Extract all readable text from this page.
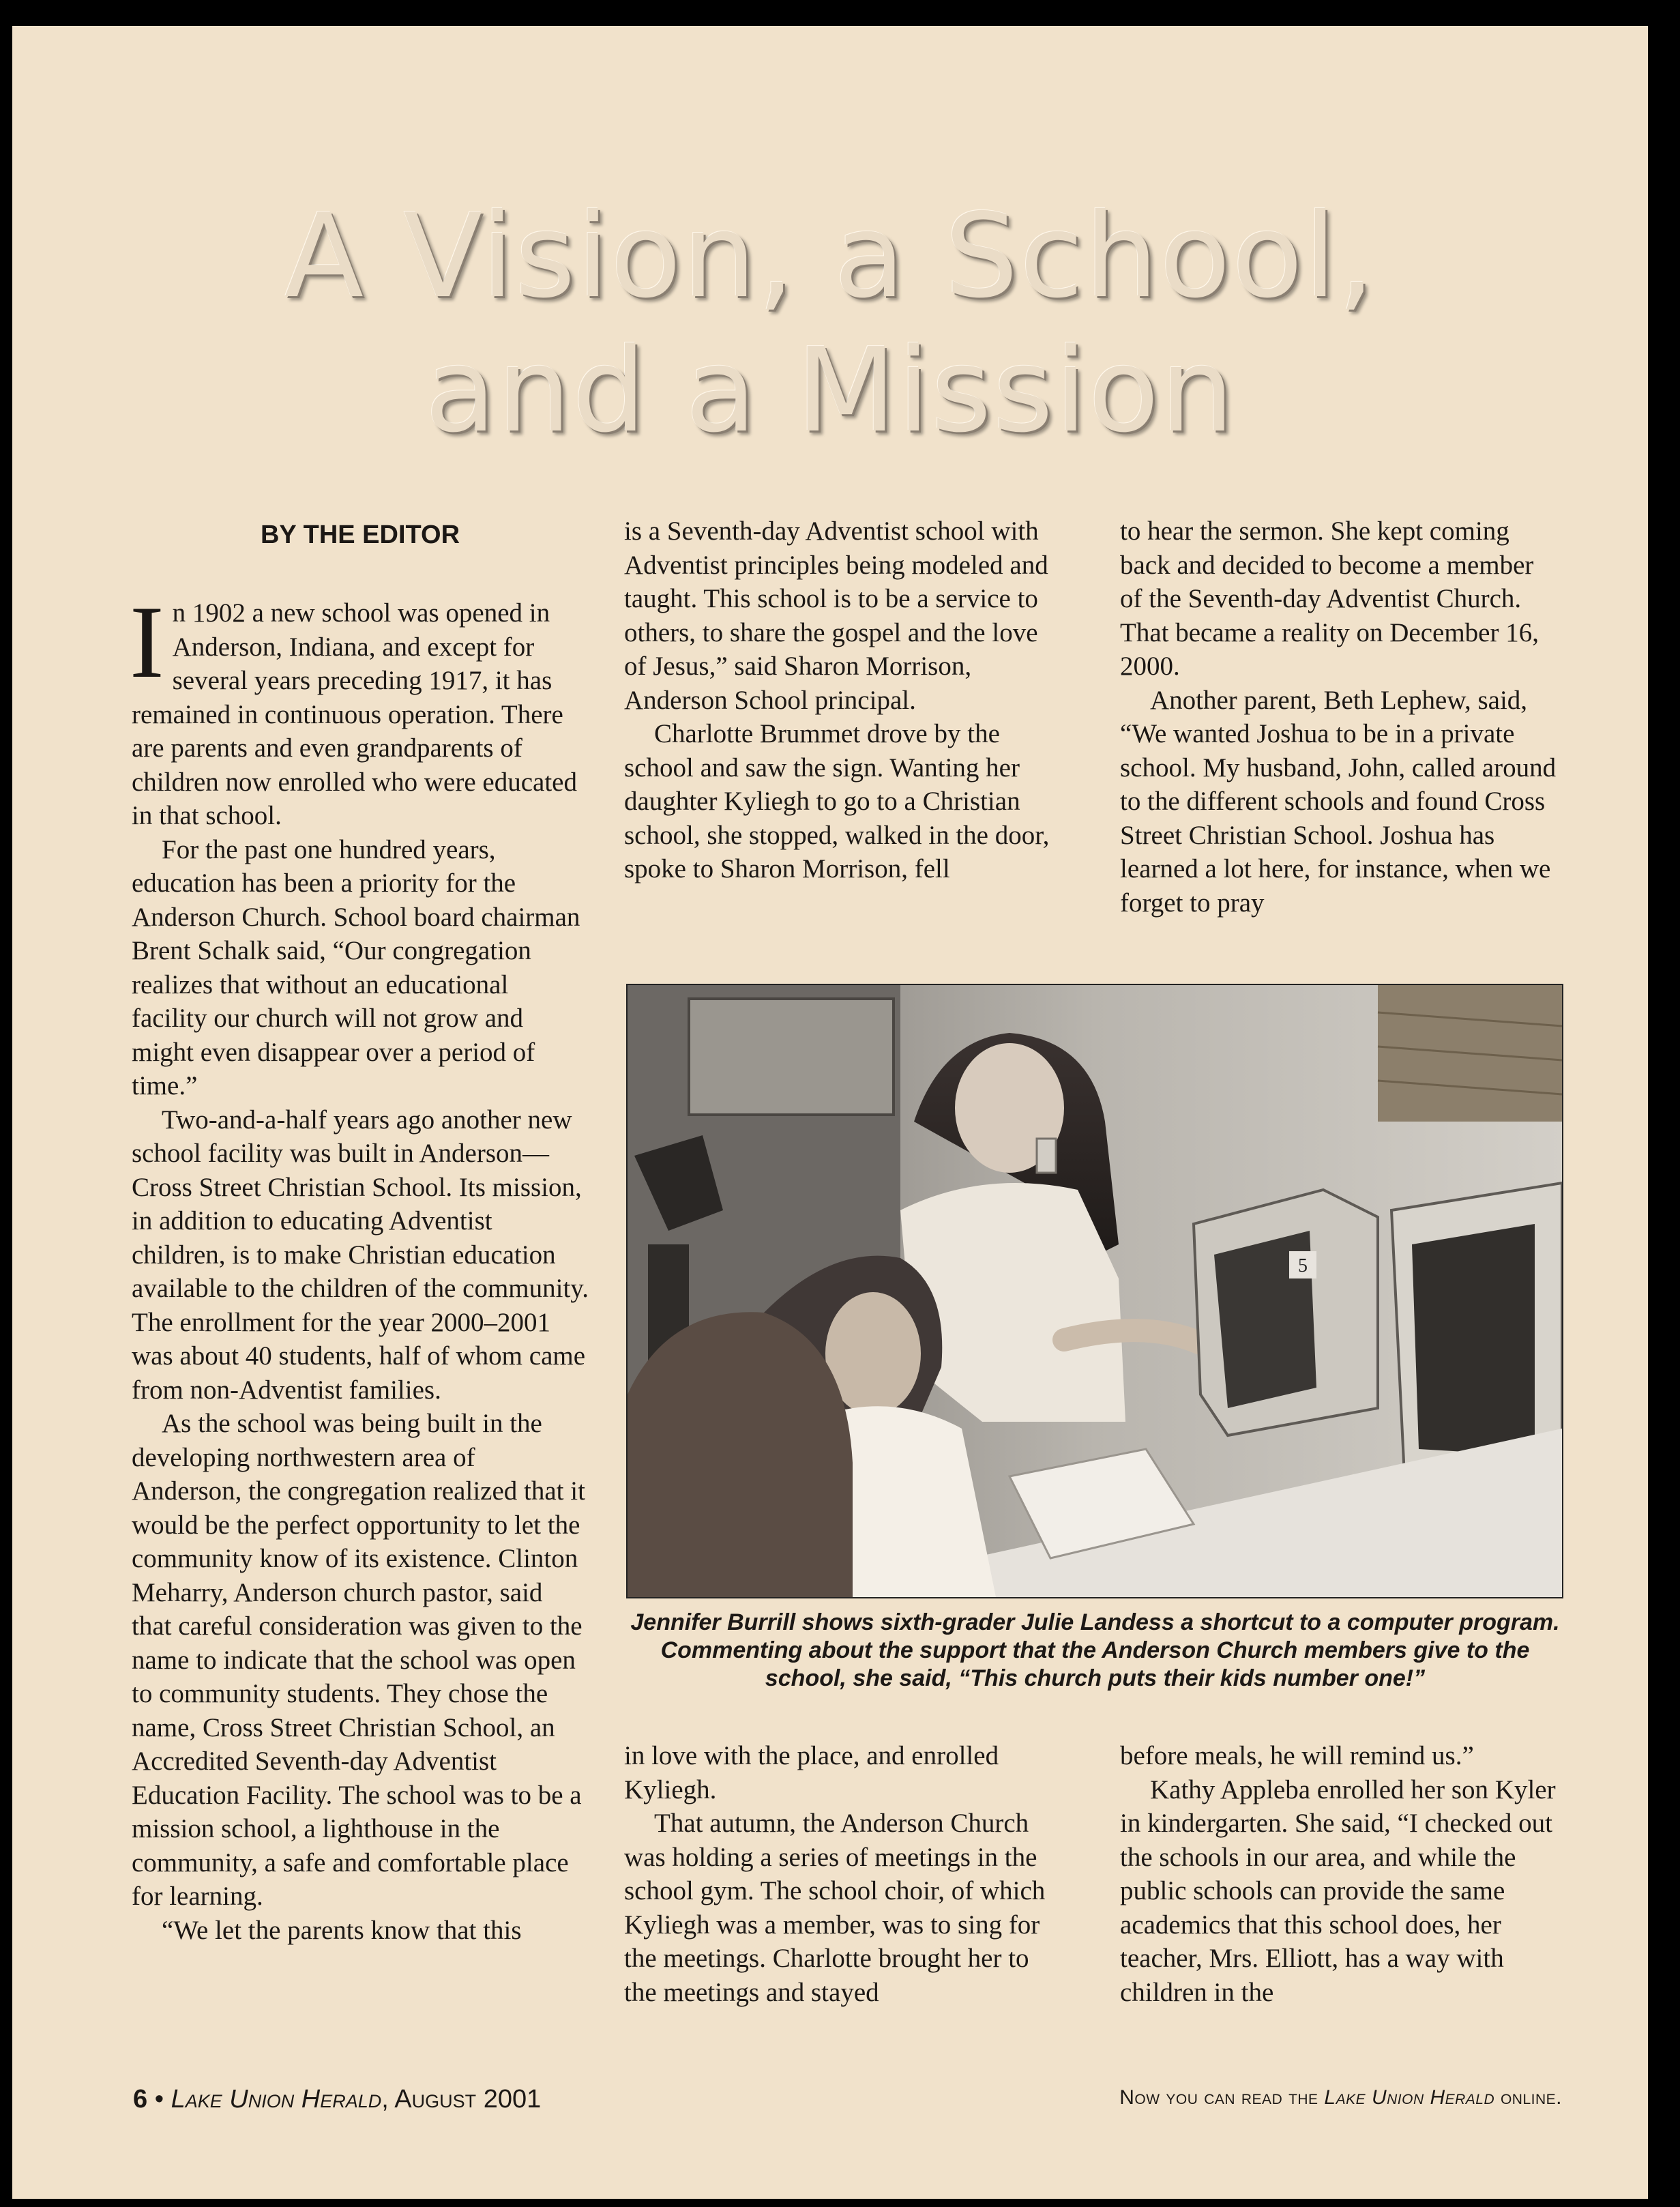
A Vision, a School,
and a Mission
BY THE EDITOR

In 1902 a new school was opened in Anderson, Indiana, and except for several years preceding 1917, it has remained in continuous operation. There are parents and even grandparents of children now enrolled who were educated in that school.

For the past one hundred years, education has been a priority for the Anderson Church. School board chairman Brent Schalk said, “Our congregation realizes that without an educational facility our church will not grow and might even disappear over a period of time.”

Two-and-a-half years ago another new school facility was built in Anderson—Cross Street Christian School. Its mission, in addition to educating Adventist children, is to make Christian education available to the children of the community. The enrollment for the year 2000–2001 was about 40 students, half of whom came from non-Adventist families.

As the school was being built in the developing northwestern area of Anderson, the congregation realized that it would be the perfect opportunity to let the community know of its existence. Clinton Meharry, Anderson church pastor, said that careful consideration was given to the name to indicate that the school was open to community students. They chose the name, Cross Street Christian School, an Accredited Seventh-day Adventist Education Facility. The school was to be a mission school, a lighthouse in the community, a safe and comfortable place for learning.

“We let the parents know that this

is a Seventh-day Adventist school with Adventist principles being modeled and taught. This school is to be a service to others, to share the gospel and the love of Jesus,” said Sharon Morrison, Anderson School principal.

Charlotte Brummet drove by the school and saw the sign. Wanting her daughter Kyliegh to go to a Christian school, she stopped, walked in the door, spoke to Sharon Morrison, fell

to hear the sermon. She kept coming back and decided to become a member of the Seventh-day Adventist Church. That became a reality on December 16, 2000.

Another parent, Beth Lephew, said, “We wanted Joshua to be in a private school. My husband, John, called around to the different schools and found Cross Street Christian School. Joshua has learned a lot here, for instance, when we forget to pray

5
Jennifer Burrill shows sixth-grader Julie Landess a shortcut to a computer program. Commenting about the support that the Anderson Church members give to the school, she said, “This church puts their kids number one!”

in love with the place, and enrolled Kyliegh.

That autumn, the Anderson Church was holding a series of meetings in the school gym. The school choir, of which Kyliegh was a member, was to sing for the meetings. Charlotte brought her to the meetings and stayed

before meals, he will remind us.”

Kathy Appleba enrolled her son Kyler in kindergarten. She said, “I checked out the schools in our area, and while the public schools can provide the same academics that this school does, her teacher, Mrs. Elliott, has a way with children in the

6 • Lake Union Herald, August 2001	Now you can read the Lake Union Herald online.
